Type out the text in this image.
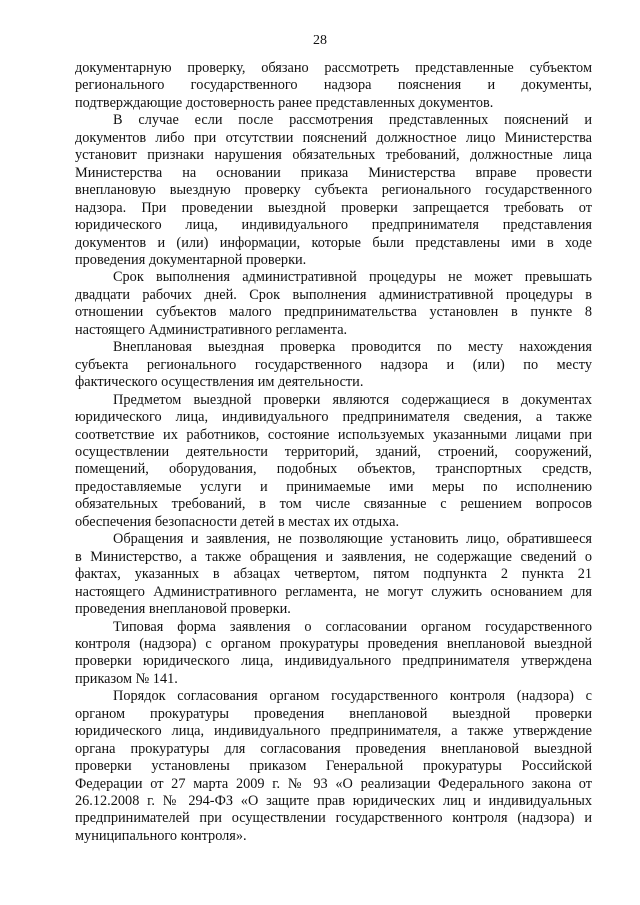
28
документарную проверку, обязано рассмотреть представленные субъектом
регионального государственного надзора пояснения и документы,
подтверждающие достоверность ранее представленных документов.
В случае если после рассмотрения представленных пояснений и
документов либо при отсутствии пояснений должностное лицо Министерства
установит признаки нарушения обязательных требований, должностные лица
Министерства на основании приказа Министерства вправе провести
внеплановую выездную проверку субъекта регионального государственного
надзора. При проведении выездной проверки запрещается требовать от
юридического лица, индивидуального предпринимателя представления
документов и (или) информации, которые были представлены ими в ходе
проведения документарной проверки.
Срок выполнения административной процедуры не может превышать
двадцати рабочих дней. Срок выполнения административной процедуры в
отношении субъектов малого предпринимательства установлен в пункте 8
настоящего Административного регламента.
Внеплановая выездная проверка проводится по месту нахождения
субъекта регионального государственного надзора и (или) по месту
фактического осуществления им деятельности.
Предметом выездной проверки являются содержащиеся в документах
юридического лица, индивидуального предпринимателя сведения, а также
соответствие их работников, состояние используемых указанными лицами при
осуществлении деятельности территорий, зданий, строений, сооружений,
помещений, оборудования, подобных объектов, транспортных средств,
предоставляемые услуги и принимаемые ими меры по исполнению
обязательных требований, в том числе связанные с решением вопросов
обеспечения безопасности детей в местах их отдыха.
Обращения и заявления, не позволяющие установить лицо, обратившееся
в Министерство, а также обращения и заявления, не содержащие сведений о
фактах, указанных в абзацах четвертом, пятом подпункта 2 пункта 21
настоящего Административного регламента, не могут служить основанием для
проведения внеплановой проверки.
Типовая форма заявления о согласовании органом государственного
контроля (надзора) с органом прокуратуры проведения внеплановой выездной
проверки юридического лица, индивидуального предпринимателя утверждена
приказом № 141.
Порядок согласования органом государственного контроля (надзора) с
органом прокуратуры проведения внеплановой выездной проверки
юридического лица, индивидуального предпринимателя, а также утверждение
органа прокуратуры для согласования проведения внеплановой выездной
проверки установлены приказом Генеральной прокуратуры Российской
Федерации от 27 марта 2009 г. № 93 «О реализации Федерального закона от
26.12.2008 г. № 294-ФЗ «О защите прав юридических лиц и индивидуальных
предпринимателей при осуществлении государственного контроля (надзора) и
муниципального контроля».
